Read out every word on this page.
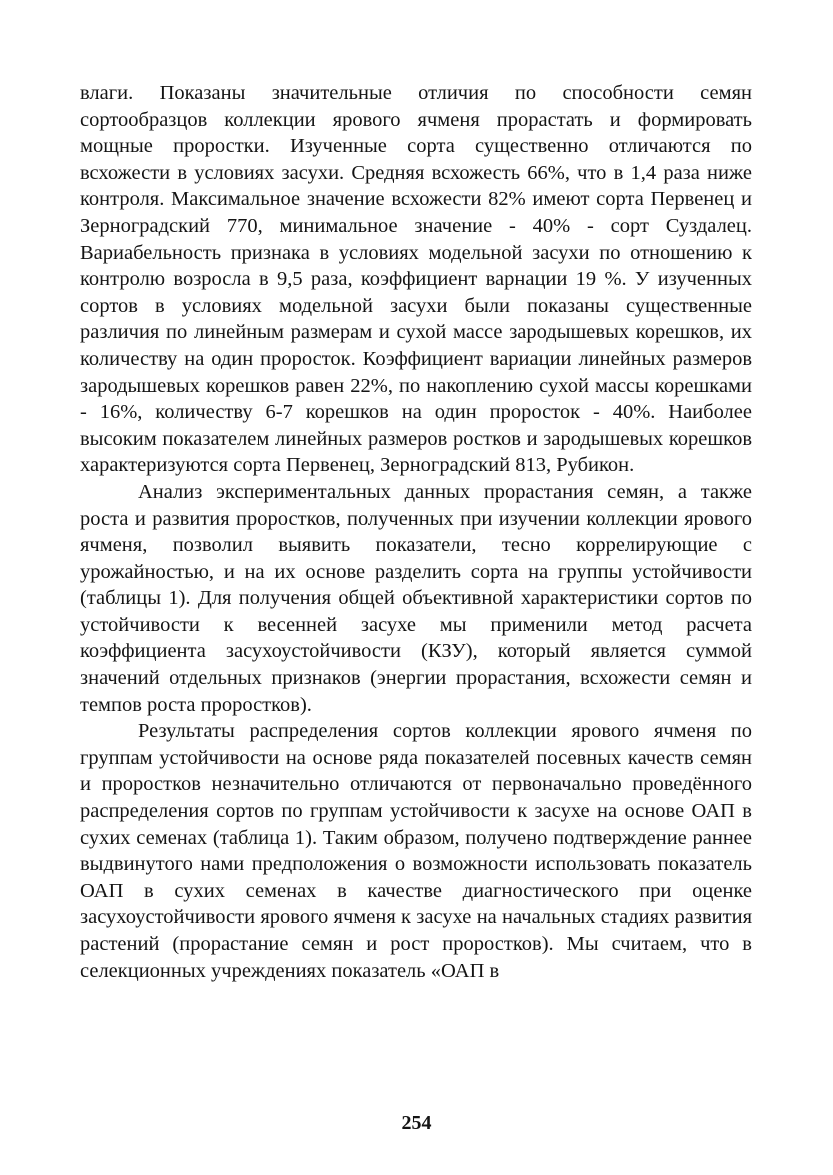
влаги. Показаны значительные отличия по способности семян сортообразцов коллекции ярового ячменя прорастать и формировать мощные проростки. Изученные сорта существенно отличаются по всхожести в условиях засухи. Средняя всхожесть 66%, что в 1,4 раза ниже контроля. Максимальное значение всхожести 82% имеют сорта Первенец и Зерноградский 770, минимальное значение - 40% - сорт Суздалец. Вариабельность признака в условиях модельной засухи по отношению к контролю возросла в 9,5 раза, коэффициент варнации 19 %. У изученных сортов в условиях модельной засухи были показаны существенные различия по линейным размерам и сухой массе зародышевых корешков, их количеству на один проросток. Коэффициент вариации линейных размеров зародышевых корешков равен 22%, по накоплению сухой массы корешками - 16%, количеству 6-7 корешков на один проросток - 40%. Наиболее высоким показателем линейных размеров ростков и зародышевых корешков характеризуются сорта Первенец, Зерноградский 813, Рубикон.

Анализ экспериментальных данных прорастания семян, а также роста и развития проростков, полученных при изучении коллекции ярового ячменя, позволил выявить показатели, тесно коррелирующие с урожайностью, и на их основе разделить сорта на группы устойчивости (таблицы 1). Для получения общей объективной характеристики сортов по устойчивости к весенней засухе мы применили метод расчета коэффициента засухоустойчивости (КЗУ), который является суммой значений отдельных признаков (энергии прорастания, всхожести семян и темпов роста проростков).

Результаты распределения сортов коллекции ярового ячменя по группам устойчивости на основе ряда показателей посевных качеств семян и проростков незначительно отличаются от первоначально проведённого распределения сортов по группам устойчивости к засухе на основе ОАП в сухих семенах (таблица 1). Таким образом, получено подтверждение раннее выдвинутого нами предположения о возможности использовать показатель ОАП в сухих семенах в качестве диагностического при оценке засухоустойчивости ярового ячменя к засухе на начальных стадиях развития растений (прорастание семян и рост проростков). Мы считаем, что в селекционных учреждениях показатель «ОАП в

254
